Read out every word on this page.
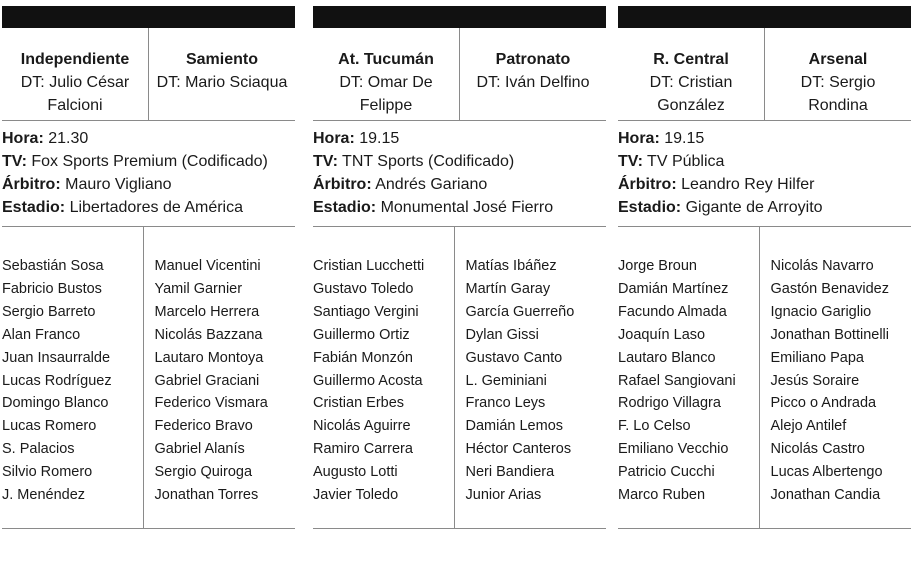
Independiente
DT: Julio César Falcioni
Samiento
DT: Mario Sciaqua
Hora: 21.30
TV: Fox Sports Premium (Codificado)
Árbitro: Mauro Vigliano
Estadio: Libertadores de América
Sebastián Sosa
Fabricio Bustos
Sergio Barreto
Alan Franco
Juan Insaurralde
Lucas Rodríguez
Domingo Blanco
Lucas Romero
S. Palacios
Silvio Romero
J. Menéndez
Manuel Vicentini
Yamil Garnier
Marcelo Herrera
Nicolás Bazzana
Lautaro Montoya
Gabriel Graciani
Federico Vismara
Federico Bravo
Gabriel Alanís
Sergio Quiroga
Jonathan Torres
At. Tucumán
DT: Omar De Felippe
Patronato
DT: Iván Delfino
Hora: 19.15
TV: TNT Sports (Codificado)
Árbitro: Andrés Gariano
Estadio: Monumental José Fierro
Cristian Lucchetti
Gustavo Toledo
Santiago Vergini
Guillermo Ortiz
Fabián Monzón
Guillermo Acosta
Cristian Erbes
Nicolás Aguirre
Ramiro Carrera
Augusto Lotti
Javier Toledo
Matías Ibáñez
Martín Garay
García Guerreño
Dylan Gissi
Gustavo Canto
L. Geminiani
Franco Leys
Damián Lemos
Héctor Canteros
Neri Bandiera
Junior Arias
R. Central
DT: Cristian González
Arsenal
DT: Sergio Rondina
Hora: 19.15
TV: TV Pública
Árbitro: Leandro Rey Hilfer
Estadio: Gigante de Arroyito
Jorge Broun
Damián Martínez
Facundo Almada
Joaquín Laso
Lautaro Blanco
Rafael Sangiovani
Rodrigo Villagra
F. Lo Celso
Emiliano Vecchio
Patricio Cucchi
Marco Ruben
Nicolás Navarro
Gastón Benavidez
Ignacio Gariglio
Jonathan Bottinelli
Emiliano Papa
Jesús Soraire
Picco o Andrada
Alejo Antilef
Nicolás Castro
Lucas Albertengo
Jonathan Candia
